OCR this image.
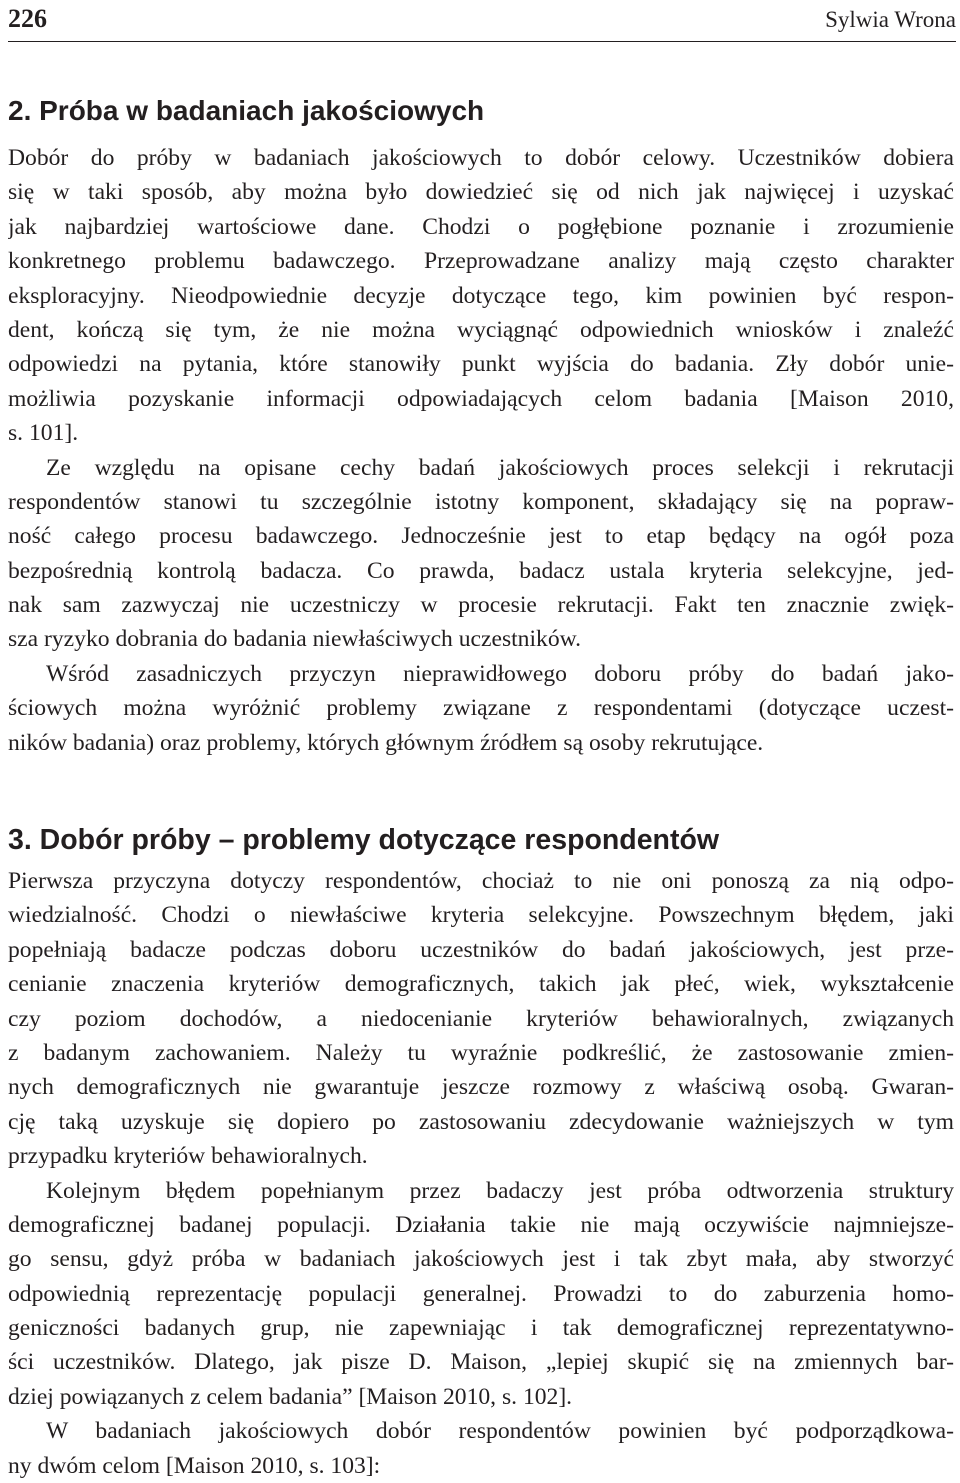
226	Sylwia Wrona
2. Próba w badaniach jakościowych
Dobór do próby w badaniach jakościowych to dobór celowy. Uczestników dobiera
się w taki sposób, aby można było dowiedzieć się od nich jak najwięcej i uzyskać
jak najbardziej wartościowe dane. Chodzi o pogłębione poznanie i zrozumienie
konkretnego problemu badawczego. Przeprowadzane analizy mają często charakter
eksploracyjny. Nieodpowiednie decyzje dotyczące tego, kim powinien być respon-
dent, kończą się tym, że nie można wyciągnąć odpowiednich wniosków i znaleźć
odpowiedzi na pytania, które stanowiły punkt wyjścia do badania. Zły dobór unie-
możliwia pozyskanie informacji odpowiadających celom badania [Maison 2010,
s. 101].
Ze względu na opisane cechy badań jakościowych proces selekcji i rekrutacji
respondentów stanowi tu szczególnie istotny komponent, składający się na popraw-
ność całego procesu badawczego. Jednocześnie jest to etap będący na ogół poza
bezpośrednią kontrolą badacza. Co prawda, badacz ustala kryteria selekcyjne, jed-
nak sam zazwyczaj nie uczestniczy w procesie rekrutacji. Fakt ten znacznie zwięk-
sza ryzyko dobrania do badania niewłaściwych uczestników.
Wśród zasadniczych przyczyn nieprawidłowego doboru próby do badań jako-
ściowych można wyróżnić problemy związane z respondentami (dotyczące uczest-
ników badania) oraz problemy, których głównym źródłem są osoby rekrutujące.
3. Dobór próby – problemy dotyczące respondentów
Pierwsza przyczyna dotyczy respondentów, chociaż to nie oni ponoszą za nią odpo-
wiedzialność. Chodzi o niewłaściwe kryteria selekcyjne. Powszechnym błędem, jaki
popełniają badacze podczas doboru uczestników do badań jakościowych, jest prze-
cenianie znaczenia kryteriów demograficznych, takich jak płeć, wiek, wykształcenie
czy poziom dochodów, a niedocenianie kryteriów behawioralnych, związanych
z badanym zachowaniem. Należy tu wyraźnie podkreślić, że zastosowanie zmien-
nych demograficznych nie gwarantuje jeszcze rozmowy z właściwą osobą. Gwaran-
cję taką uzyskuje się dopiero po zastosowaniu zdecydowanie ważniejszych w tym
przypadku kryteriów behawioralnych.
Kolejnym błędem popełnianym przez badaczy jest próba odtworzenia struktury
demograficznej badanej populacji. Działania takie nie mają oczywiście najmniejsze-
go sensu, gdyż próba w badaniach jakościowych jest i tak zbyt mała, aby stworzyć
odpowiednią reprezentację populacji generalnej. Prowadzi to do zaburzenia homo-
geniczności badanych grup, nie zapewniając i tak demograficznej reprezentatywno-
ści uczestników. Dlatego, jak pisze D. Maison, „lepiej skupić się na zmiennych bar-
dziej powiązanych z celem badania” [Maison 2010, s. 102].
W badaniach jakościowych dobór respondentów powinien być podporządkowa-
ny dwóm celom [Maison 2010, s. 103]:
